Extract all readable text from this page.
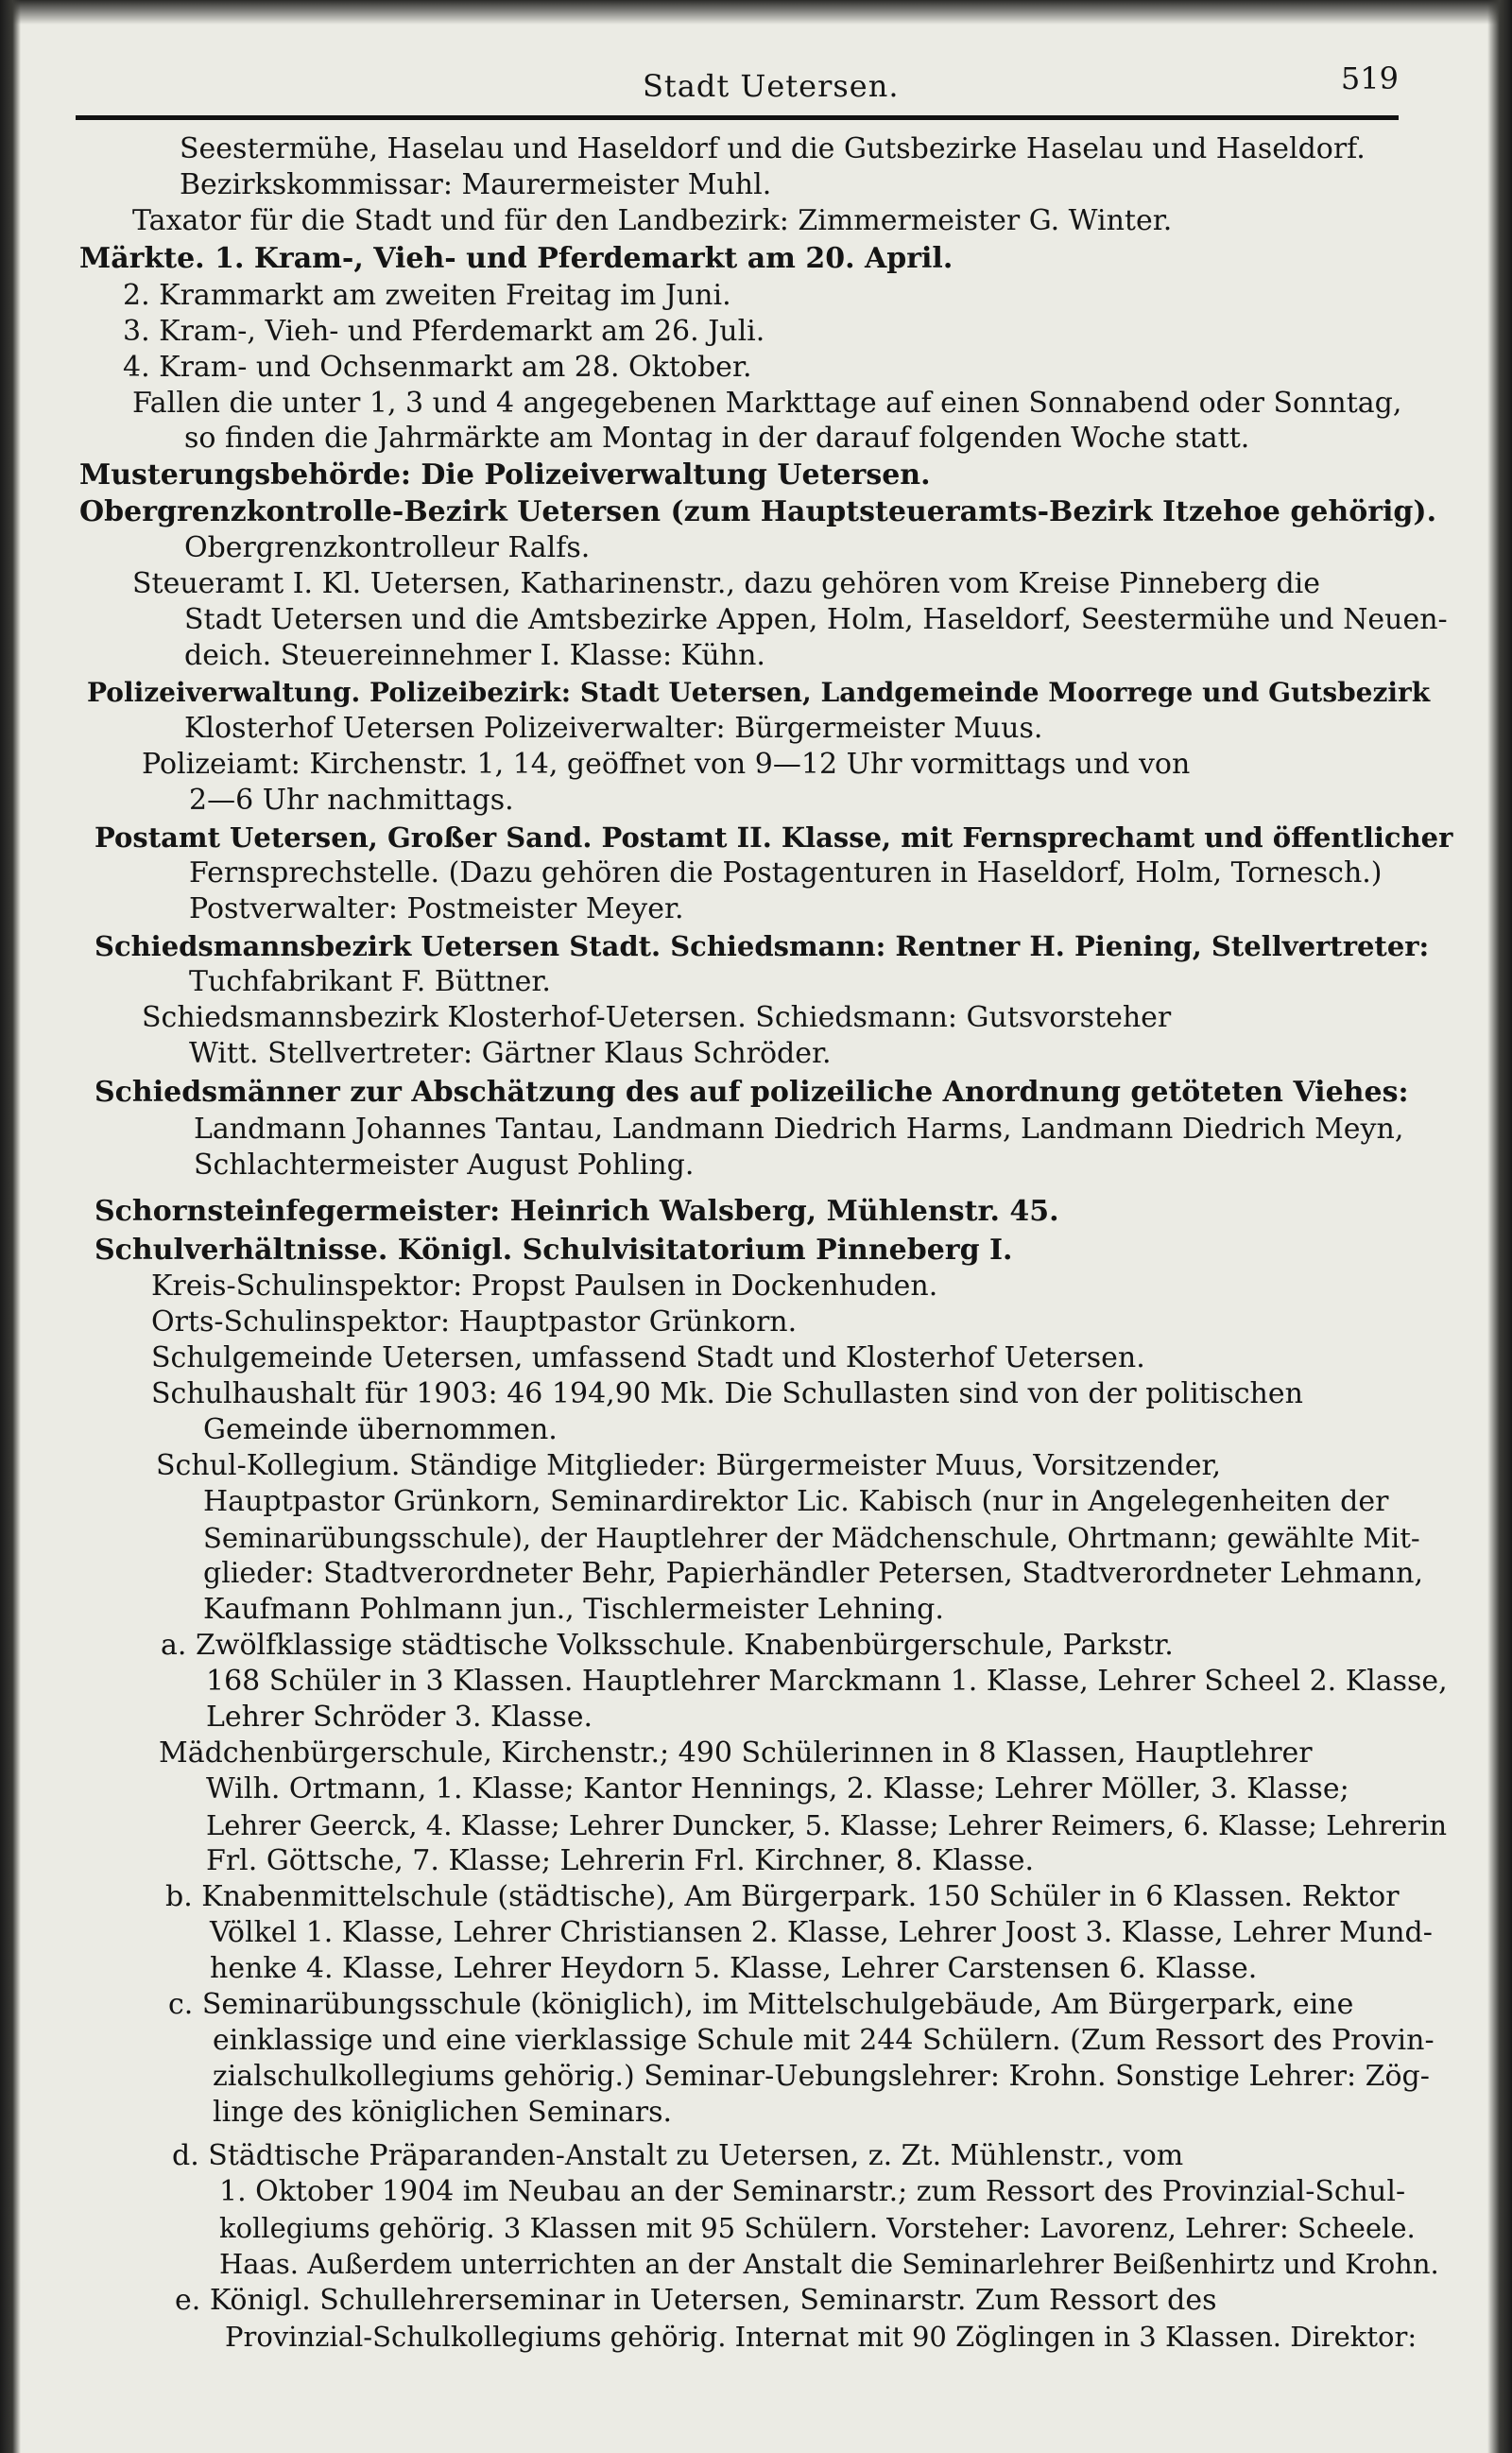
Stadt Uetersen.	519
Seestermühe, Haselau und Haseldorf und die Gutsbezirke Haselau und Haseldorf.
Bezirkskommissar: Maurermeister Muhl.
Taxator für die Stadt und für den Landbezirk: Zimmermeister G. Winter.
Märkte. 1. Kram-, Vieh- und Pferdemarkt am 20. April.
2. Krammarkt am zweiten Freitag im Juni.
3. Kram-, Vieh- und Pferdemarkt am 26. Juli.
4. Kram- und Ochsenmarkt am 28. Oktober.
Fallen die unter 1, 3 und 4 angegebenen Markttage auf einen Sonnabend oder Sonntag,
so finden die Jahrmärkte am Montag in der darauf folgenden Woche statt.
Musterungsbehörde: Die Polizeiverwaltung Uetersen.
Obergrenzkontrolle-Bezirk Uetersen (zum Hauptsteueramts-Bezirk Itzehoe gehörig).
Obergrenzkontrolleur Ralfs.
Steueramt I. Kl. Uetersen, Katharinenstr., dazu gehören vom Kreise Pinneberg die
Stadt Uetersen und die Amtsbezirke Appen, Holm, Haseldorf, Seestermühe und Neuen-
deich. Steuereinnehmer I. Klasse: Kühn.
Polizeiverwaltung. Polizeibezirk: Stadt Uetersen, Landgemeinde Moorrege und Gutsbezirk
Klosterhof Uetersen Polizeiverwalter: Bürgermeister Muus.
Polizeiamt: Kirchenstr. 1, 14, geöffnet von 9—12 Uhr vormittags und von
2—6 Uhr nachmittags.
Postamt Uetersen, Großer Sand. Postamt II. Klasse, mit Fernsprechamt und öffentlicher
Fernsprechstelle. (Dazu gehören die Postagenturen in Haseldorf, Holm, Tornesch.)
Postverwalter: Postmeister Meyer.
Schiedsmannsbezirk Uetersen Stadt. Schiedsmann: Rentner H. Piening, Stellvertreter:
Tuchfabrikant F. Büttner.
Schiedsmannsbezirk Klosterhof-Uetersen. Schiedsmann: Gutsvorsteher
Witt. Stellvertreter: Gärtner Klaus Schröder.
Schiedsmänner zur Abschätzung des auf polizeiliche Anordnung getöteten Viehes:
Landmann Johannes Tantau, Landmann Diedrich Harms, Landmann Diedrich Meyn,
Schlachtermeister August Pohling.
Schornsteinfegermeister: Heinrich Walsberg, Mühlenstr. 45.
Schulverhältnisse. Königl. Schulvisitatorium Pinneberg I.
Kreis-Schulinspektor: Propst Paulsen in Dockenhuden.
Orts-Schulinspektor: Hauptpastor Grünkorn.
Schulgemeinde Uetersen, umfassend Stadt und Klosterhof Uetersen.
Schulhaushalt für 1903: 46 194,90 Mk. Die Schullasten sind von der politischen
Gemeinde übernommen.
Schul-Kollegium. Ständige Mitglieder: Bürgermeister Muus, Vorsitzender,
Hauptpastor Grünkorn, Seminardirektor Lic. Kabisch (nur in Angelegenheiten der
Seminarübungsschule), der Hauptlehrer der Mädchenschule, Ohrtmann; gewählte Mit-
glieder: Stadtverordneter Behr, Papierhändler Petersen, Stadtverordneter Lehmann,
Kaufmann Pohlmann jun., Tischlermeister Lehning.
a. Zwölfklassige städtische Volksschule. Knabenbürgerschule, Parkstr.
168 Schüler in 3 Klassen. Hauptlehrer Marckmann 1. Klasse, Lehrer Scheel 2. Klasse,
Lehrer Schröder 3. Klasse.
Mädchenbürgerschule, Kirchenstr.; 490 Schülerinnen in 8 Klassen, Hauptlehrer
Wilh. Ortmann, 1. Klasse; Kantor Hennings, 2. Klasse; Lehrer Möller, 3. Klasse;
Lehrer Geerck, 4. Klasse; Lehrer Duncker, 5. Klasse; Lehrer Reimers, 6. Klasse; Lehrerin
Frl. Göttsche, 7. Klasse; Lehrerin Frl. Kirchner, 8. Klasse.
b. Knabenmittelschule (städtische), Am Bürgerpark. 150 Schüler in 6 Klassen. Rektor
Völkel 1. Klasse, Lehrer Christiansen 2. Klasse, Lehrer Joost 3. Klasse, Lehrer Mund-
henke 4. Klasse, Lehrer Heydorn 5. Klasse, Lehrer Carstensen 6. Klasse.
c. Seminarübungsschule (königlich), im Mittelschulgebäude, Am Bürgerpark, eine
einklassige und eine vierklassige Schule mit 244 Schülern. (Zum Ressort des Provin-
zialschulkollegiums gehörig.) Seminar-Uebungslehrer: Krohn. Sonstige Lehrer: Zög-
linge des königlichen Seminars.
d. Städtische Präparanden-Anstalt zu Uetersen, z. Zt. Mühlenstr., vom
1. Oktober 1904 im Neubau an der Seminarstr.; zum Ressort des Provinzial-Schul-
kollegiums gehörig. 3 Klassen mit 95 Schülern. Vorsteher: Lavorenz, Lehrer: Scheele.
Haas. Außerdem unterrichten an der Anstalt die Seminarlehrer Beißenhirtz und Krohn.
e. Königl. Schullehrerseminar in Uetersen, Seminarstr. Zum Ressort des
Provinzial-Schulkollegiums gehörig. Internat mit 90 Zöglingen in 3 Klassen. Direktor:
